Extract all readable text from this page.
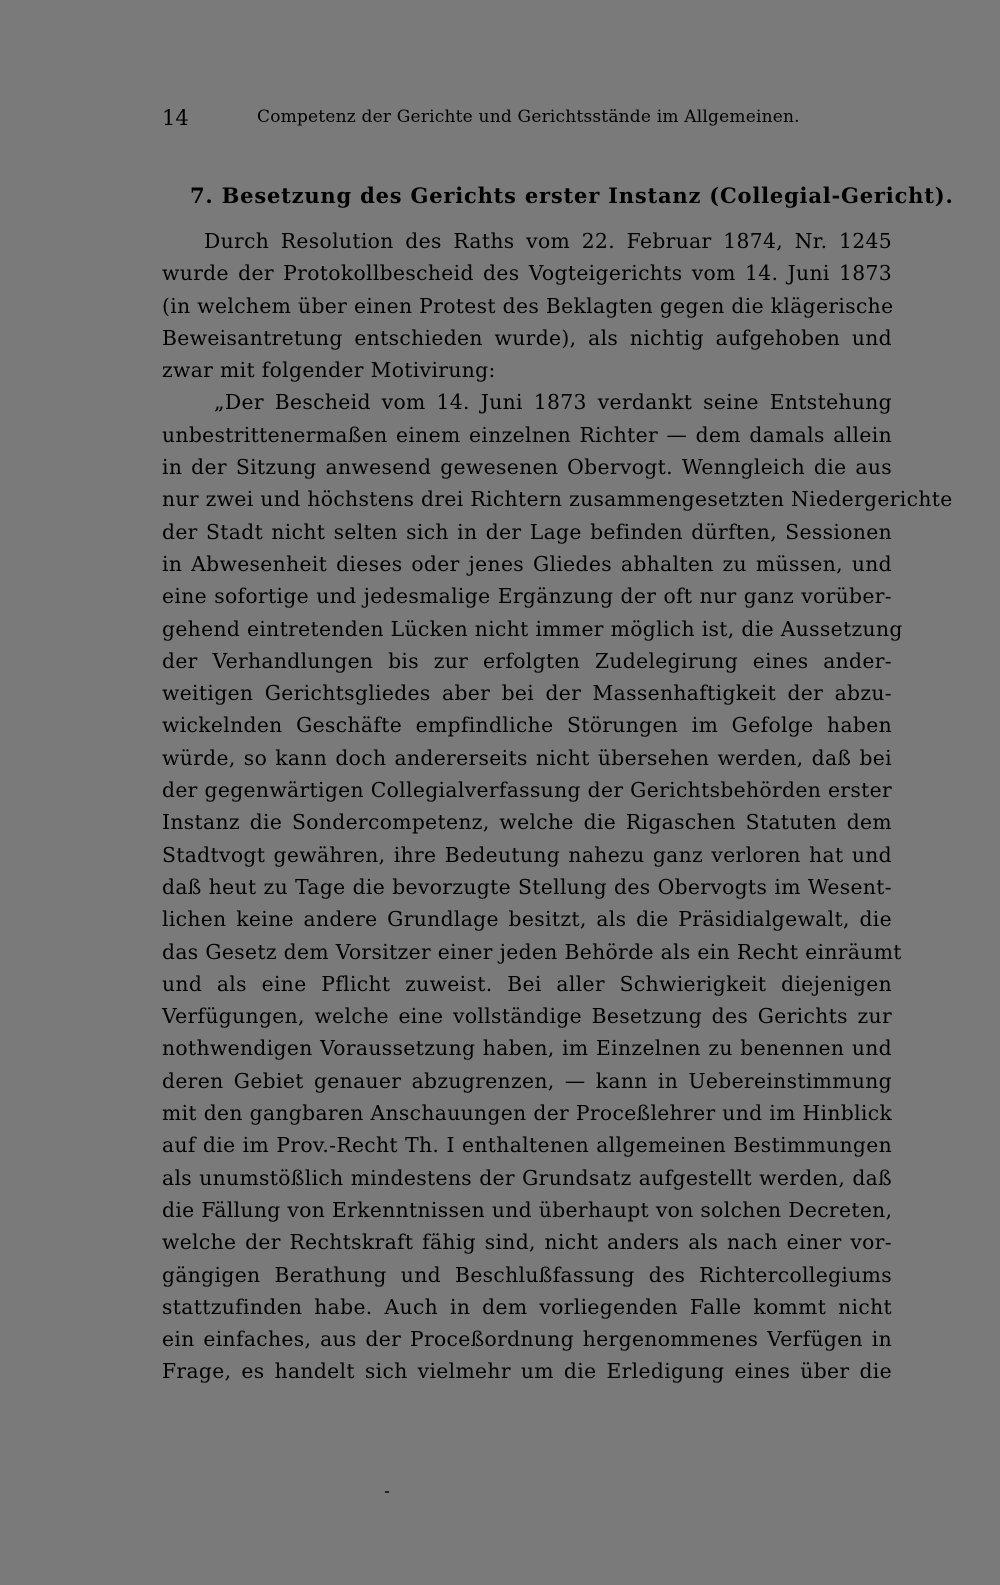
14	Competenz der Gerichte und Gerichtsstände im Allgemeinen.
7. Besetzung des Gerichts erster Instanz (Collegial-Gericht).
Durch Resolution des Raths vom 22. Februar 1874, Nr. 1245
wurde der Protokollbescheid des Vogteigerichts vom 14. Juni 1873
(in welchem über einen Protest des Beklagten gegen die klägerische
Beweisantretung entschieden wurde), als nichtig aufgehoben und
zwar mit folgender Motivirung:
„Der Bescheid vom 14. Juni 1873 verdankt seine Entstehung
unbestrittenermaßen einem einzelnen Richter — dem damals allein
in der Sitzung anwesend gewesenen Obervogt. Wenngleich die aus
nur zwei und höchstens drei Richtern zusammengesetzten Niedergerichte
der Stadt nicht selten sich in der Lage befinden dürften, Sessionen
in Abwesenheit dieses oder jenes Gliedes abhalten zu müssen, und
eine sofortige und jedesmalige Ergänzung der oft nur ganz vorüber-
gehend eintretenden Lücken nicht immer möglich ist, die Aussetzung
der Verhandlungen bis zur erfolgten Zudelegirung eines ander-
weitigen Gerichtsgliedes aber bei der Massenhaftigkeit der abzu-
wickelnden Geschäfte empfindliche Störungen im Gefolge haben
würde, so kann doch andererseits nicht übersehen werden, daß bei
der gegenwärtigen Collegialverfassung der Gerichtsbehörden erster
Instanz die Sondercompetenz, welche die Rigaschen Statuten dem
Stadtvogt gewähren, ihre Bedeutung nahezu ganz verloren hat und
daß heut zu Tage die bevorzugte Stellung des Obervogts im Wesent-
lichen keine andere Grundlage besitzt, als die Präsidialgewalt, die
das Gesetz dem Vorsitzer einer jeden Behörde als ein Recht einräumt
und als eine Pflicht zuweist. Bei aller Schwierigkeit diejenigen
Verfügungen, welche eine vollständige Besetzung des Gerichts zur
nothwendigen Voraussetzung haben, im Einzelnen zu benennen und
deren Gebiet genauer abzugrenzen, — kann in Uebereinstimmung
mit den gangbaren Anschauungen der Proceßlehrer und im Hinblick
auf die im Prov.-Recht Th. I enthaltenen allgemeinen Bestimmungen
als unumstößlich mindestens der Grundsatz aufgestellt werden, daß
die Fällung von Erkenntnissen und überhaupt von solchen Decreten,
welche der Rechtskraft fähig sind, nicht anders als nach einer vor-
gängigen Berathung und Beschlußfassung des Richtercollegiums
stattzufinden habe. Auch in dem vorliegenden Falle kommt nicht
ein einfaches, aus der Proceßordnung hergenommenes Verfügen in
Frage, es handelt sich vielmehr um die Erledigung eines über die
